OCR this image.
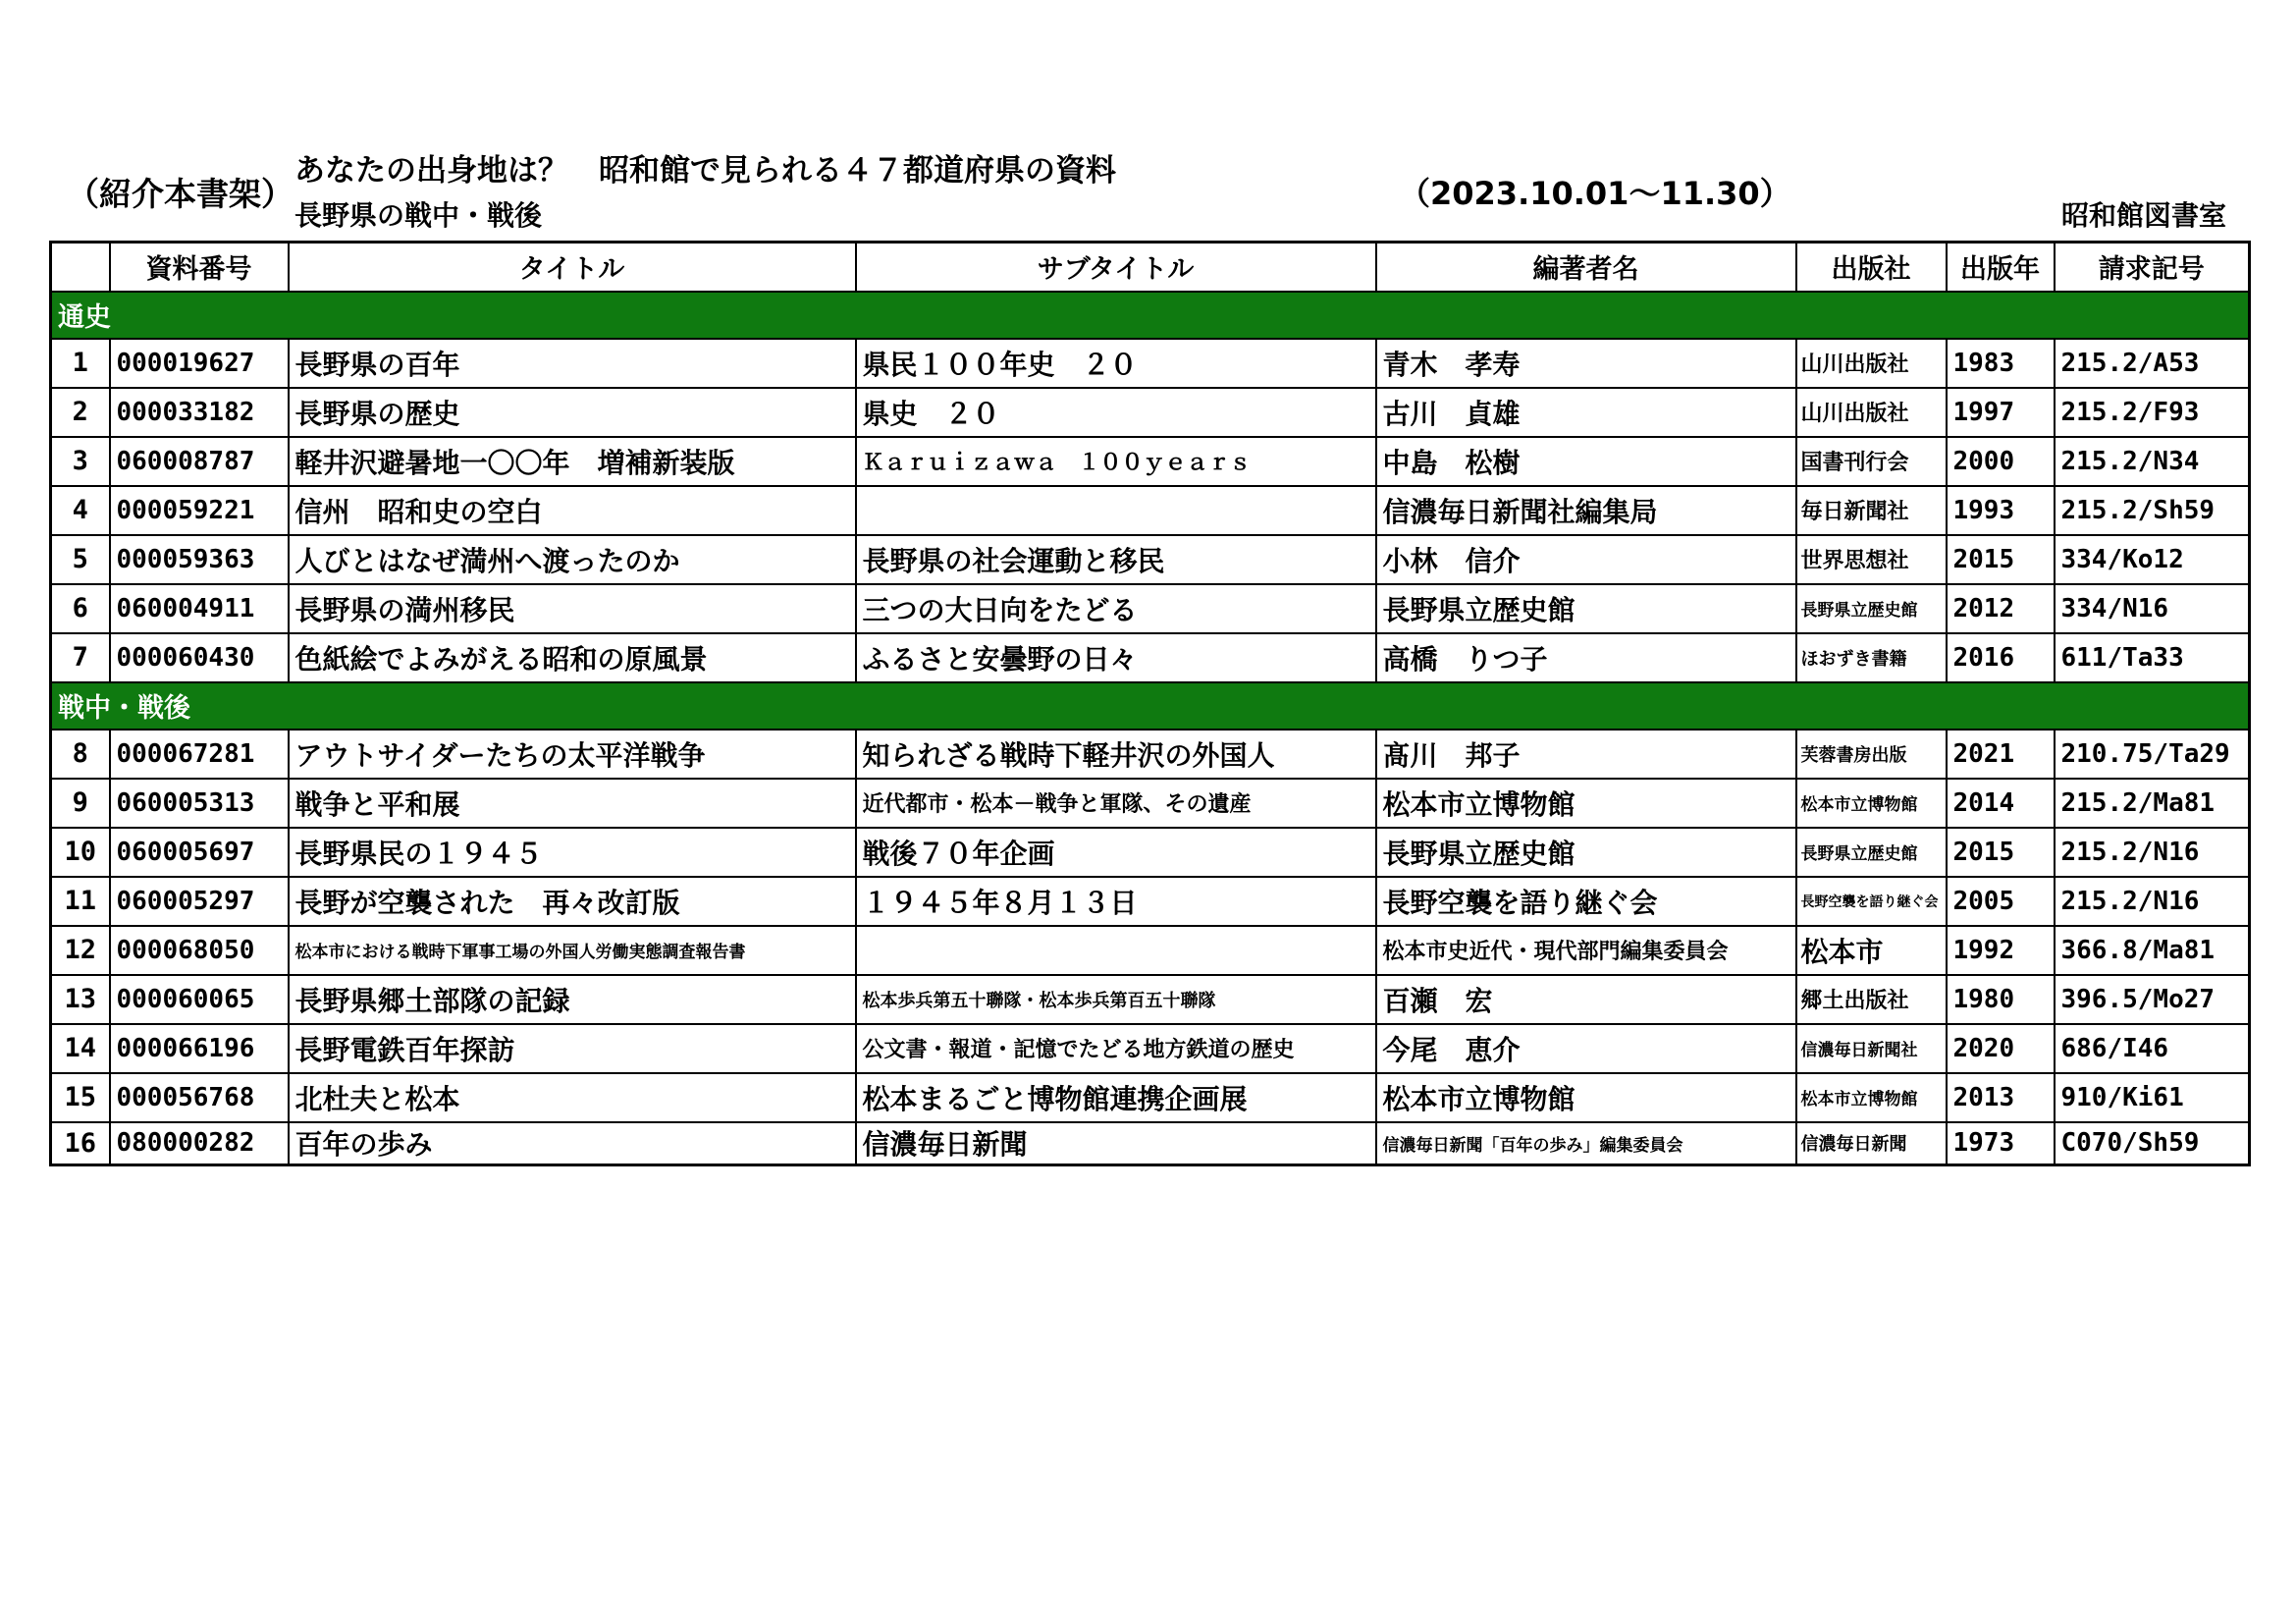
（紹介本書架）
あなたの出身地は？　昭和館で見られる４７都道府県の資料
長野県の戦中・戦後
（2023.10.01～11.30）
昭和館図書室
	資料番号	タイトル	サブタイトル	編著者名	出版社	出版年	請求記号
通史							
1	000019627	長野県の百年	県民１００年史　２０	青木　孝寿	山川出版社	1983	215.2/A53
2	000033182	長野県の歴史	県史　２０	古川　貞雄	山川出版社	1997	215.2/F93
3	060008787	軽井沢避暑地一〇〇年　増補新装版	Ｋａｒｕｉｚａｗａ　１００ｙｅａｒｓ	中島　松樹	国書刊行会	2000	215.2/N34
4	000059221	信州　昭和史の空白		信濃毎日新聞社編集局	毎日新聞社	1993	215.2/Sh59
5	000059363	人びとはなぜ満州へ渡ったのか	長野県の社会運動と移民	小林　信介	世界思想社	2015	334/Ko12
6	060004911	長野県の満州移民	三つの大日向をたどる	長野県立歴史館	長野県立歴史館	2012	334/N16
7	000060430	色紙絵でよみがえる昭和の原風景	ふるさと安曇野の日々	高橋　りつ子	ほおずき書籍	2016	611/Ta33
戦中・戦後							
8	000067281	アウトサイダーたちの太平洋戦争	知られざる戦時下軽井沢の外国人	髙川　邦子	芙蓉書房出版	2021	210.75/Ta29
9	060005313	戦争と平和展	近代都市・松本－戦争と軍隊、その遺産	松本市立博物館	松本市立博物館	2014	215.2/Ma81
10	060005697	長野県民の１９４５	戦後７０年企画	長野県立歴史館	長野県立歴史館	2015	215.2/N16
11	060005297	長野が空襲された　再々改訂版	１９４５年８月１３日	長野空襲を語り継ぐ会	長野空襲を語り継ぐ会	2005	215.2/N16
12	000068050	松本市における戦時下軍事工場の外国人労働実態調査報告書		松本市史近代・現代部門編集委員会	松本市	1992	366.8/Ma81
13	000060065	長野県郷土部隊の記録	松本歩兵第五十聯隊・松本歩兵第百五十聯隊	百瀬　宏	郷土出版社	1980	396.5/Mo27
14	000066196	長野電鉄百年探訪	公文書・報道・記憶でたどる地方鉄道の歴史	今尾　恵介	信濃毎日新聞社	2020	686/I46
15	000056768	北杜夫と松本	松本まるごと博物館連携企画展	松本市立博物館	松本市立博物館	2013	910/Ki61
16	080000282	百年の歩み	信濃毎日新聞	信濃毎日新聞「百年の歩み」編集委員会	信濃毎日新聞	1973	C070/Sh59
